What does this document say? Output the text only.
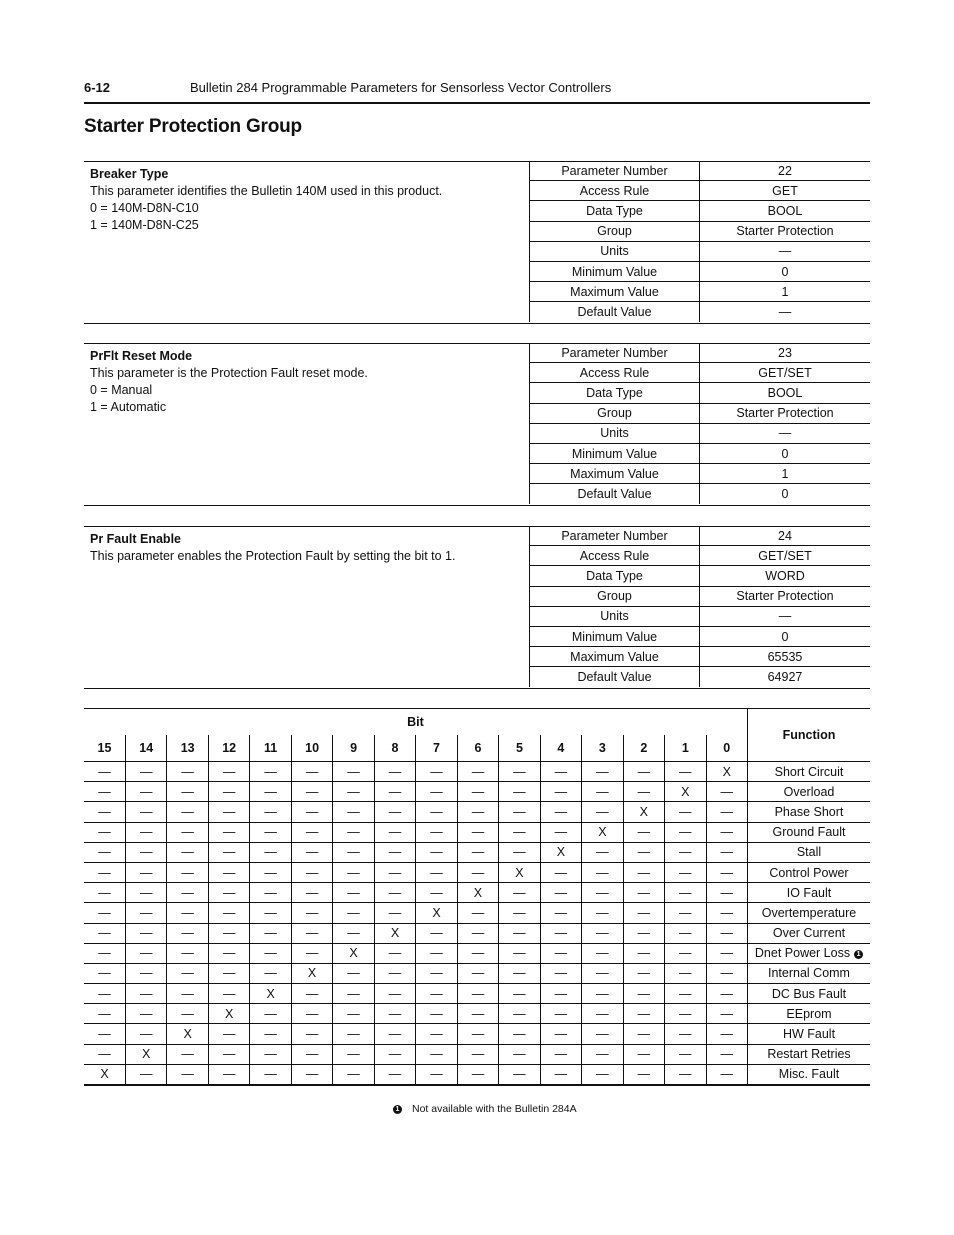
6-12	Bulletin 284 Programmable Parameters for Sensorless Vector Controllers
Starter Protection Group
Breaker Type
This parameter identifies the Bulletin 140M used in this product.
0 = 140M-D8N-C10
1 = 140M-D8N-C25
Parameter Number	22
Access Rule	GET
Data Type	BOOL
Group	Starter Protection
Units	—
Minimum Value	0
Maximum Value	1
Default Value	—
PrFlt Reset Mode
This parameter is the Protection Fault reset mode.
0 = Manual
1 = Automatic
Parameter Number	23
Access Rule	GET/SET
Data Type	BOOL
Group	Starter Protection
Units	—
Minimum Value	0
Maximum Value	1
Default Value	0
Pr Fault Enable
This parameter enables the Protection Fault by setting the bit to 1.
Parameter Number	24
Access Rule	GET/SET
Data Type	WORD
Group	Starter Protection
Units	—
Minimum Value	0
Maximum Value	65535
Default Value	64927
Bit																Function
15	14	13	12	11	10	9	8	7	6	5	4	3	2	1	0	
—	—	—	—	—	—	—	—	—	—	—	—	—	—	—	X	Short Circuit
—	—	—	—	—	—	—	—	—	—	—	—	—	—	X	—	Overload
—	—	—	—	—	—	—	—	—	—	—	—	—	X	—	—	Phase Short
—	—	—	—	—	—	—	—	—	—	—	—	X	—	—	—	Ground Fault
—	—	—	—	—	—	—	—	—	—	—	X	—	—	—	—	Stall
—	—	—	—	—	—	—	—	—	—	X	—	—	—	—	—	Control Power
—	—	—	—	—	—	—	—	—	X	—	—	—	—	—	—	IO Fault
—	—	—	—	—	—	—	—	X	—	—	—	—	—	—	—	Overtemperature
—	—	—	—	—	—	—	X	—	—	—	—	—	—	—	—	Over Current
—	—	—	—	—	—	X	—	—	—	—	—	—	—	—	—	Dnet Power Loss 1
—	—	—	—	—	X	—	—	—	—	—	—	—	—	—	—	Internal Comm
—	—	—	—	X	—	—	—	—	—	—	—	—	—	—	—	DC Bus Fault
—	—	—	X	—	—	—	—	—	—	—	—	—	—	—	—	EEprom
—	—	X	—	—	—	—	—	—	—	—	—	—	—	—	—	HW Fault
—	X	—	—	—	—	—	—	—	—	—	—	—	—	—	—	Restart Retries
X	—	—	—	—	—	—	—	—	—	—	—	—	—	—	—	Misc. Fault
1 Not available with the Bulletin 284A
